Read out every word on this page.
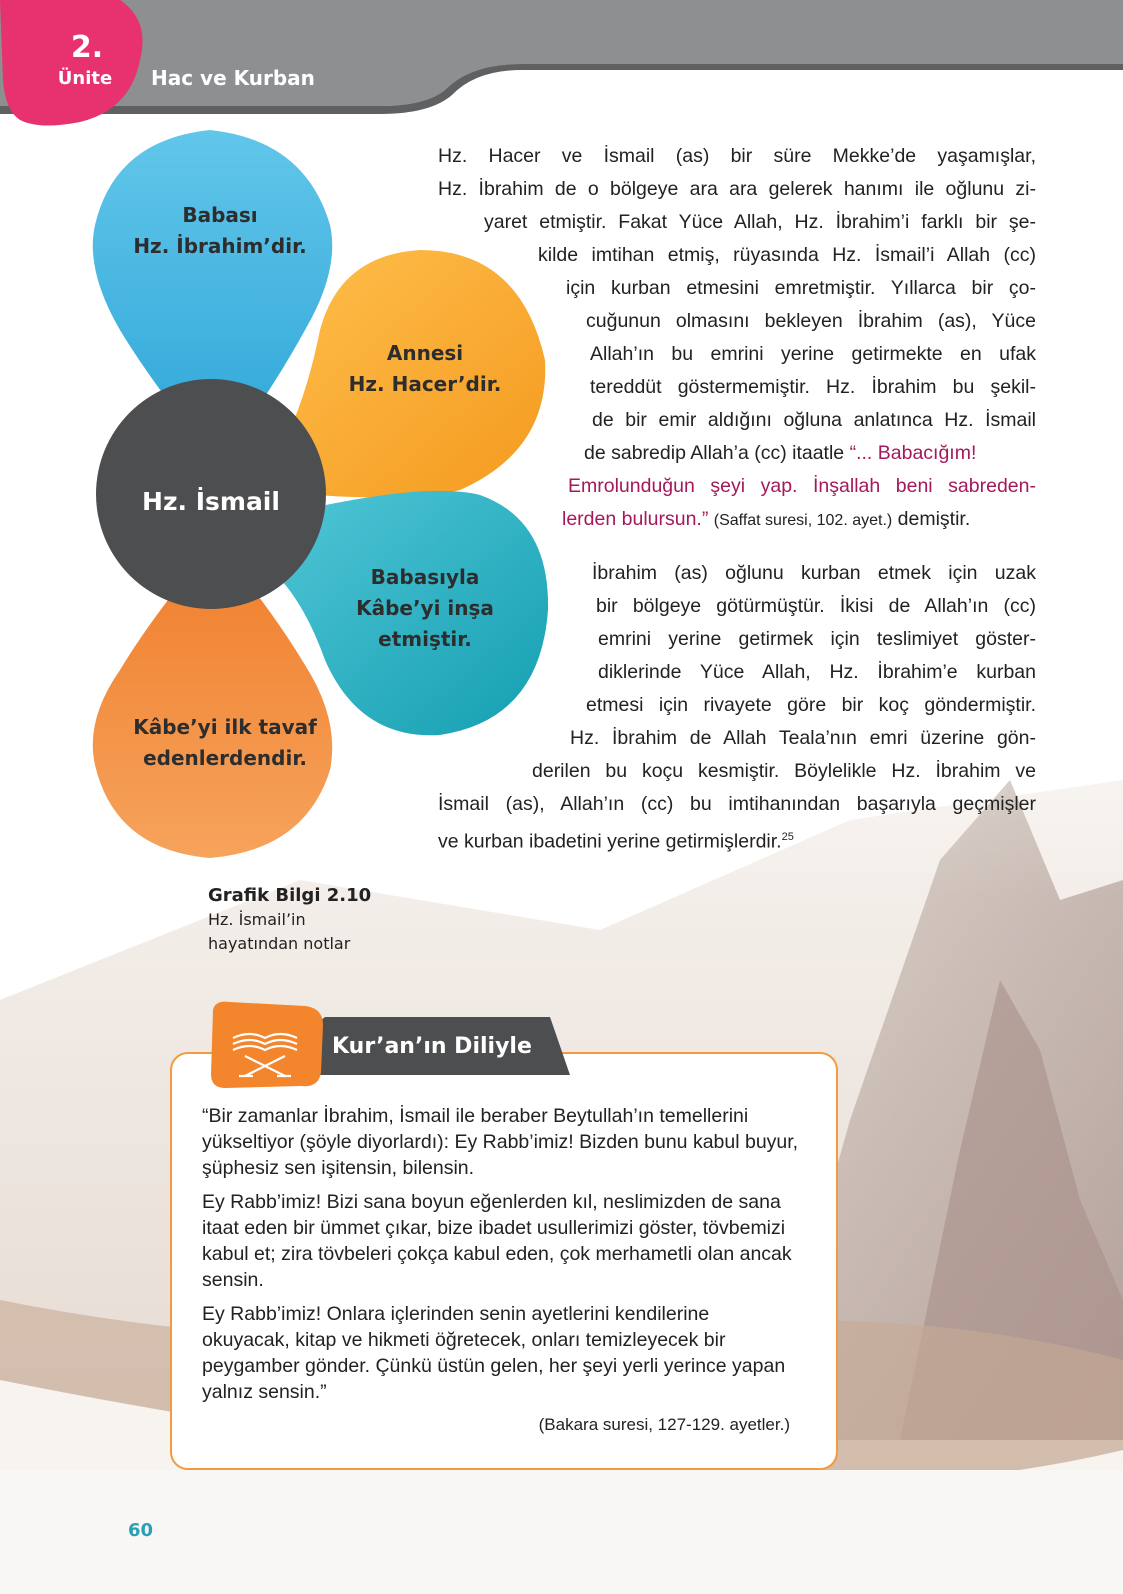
2.
Ünite	Hac ve Kurban
Babası
Hz. İbrahim’dir.
Annesi
Hz. Hacer’dir.
Babasıyla
Kâbe’yi inşa
etmiştir.
Kâbe’yi ilk tavaf
edenlerdendir.
Hz. İsmail
Grafik Bilgi 2.10
Hz. İsmail’in
hayatından notlar
Hz. Hacer ve İsmail (as) bir süre Mekke’de yaşamışlar,
Hz. İbrahim de o bölgeye ara ara gelerek hanımı ile oğlunu zi-
yaret etmiştir. Fakat Yüce Allah, Hz. İbrahim’i farklı bir şe-
kilde imtihan etmiş, rüyasında Hz. İsmail’i Allah (cc)
için kurban etmesini emretmiştir. Yıllarca bir ço-
cuğunun olmasını bekleyen İbrahim (as), Yüce
Allah’ın bu emrini yerine getirmekte en ufak
tereddüt göstermemiştir. Hz. İbrahim bu şekil-
de bir emir aldığını oğluna anlatınca Hz. İsmail
de sabredip Allah’a (cc) itaatle “... Babacığım!
Emrolunduğun şeyi yap. İnşallah beni sabreden-
lerden bulursun.” (Saffat suresi, 102. ayet.) demiştir.
İbrahim (as) oğlunu kurban etmek için uzak
bir bölgeye götürmüştür. İkisi de Allah’ın (cc)
emrini yerine getirmek için teslimiyet göster-
diklerinde Yüce Allah, Hz. İbrahim’e kurban
etmesi için rivayete göre bir koç göndermiştir.
Hz. İbrahim de Allah Teala’nın emri üzerine gön-
derilen bu koçu kesmiştir. Böylelikle Hz. İbrahim ve
İsmail (as), Allah’ın (cc) bu imtihanından başarıyla geçmişler
ve kurban ibadetini yerine getirmişlerdir.$^{25}$
Kur’an’ın Diliyle

“Bir zamanlar İbrahim, İsmail ile beraber Beytullah’ın temellerini yükseltiyor (şöyle diyorlardı): Ey Rabb’imiz! Bizden bunu kabul buyur, şüphesiz sen işitensin, bilensin.

Ey Rabb’imiz! Bizi sana boyun eğenlerden kıl, neslimizden de sana itaat eden bir ümmet çıkar, bize ibadet usullerimizi göster, tövbemizi kabul et; zira tövbeleri çokça kabul eden, çok merhametli olan ancak sensin.

Ey Rabb’imiz! Onlara içlerinden senin ayetlerini kendilerine okuyacak, kitap ve hikmeti öğretecek, onları temizleyecek bir peygamber gönder. Çünkü üstün gelen, her şeyi yerli yerince yapan yalnız sensin.”

(Bakara suresi, 127-129. ayetler.)
60
